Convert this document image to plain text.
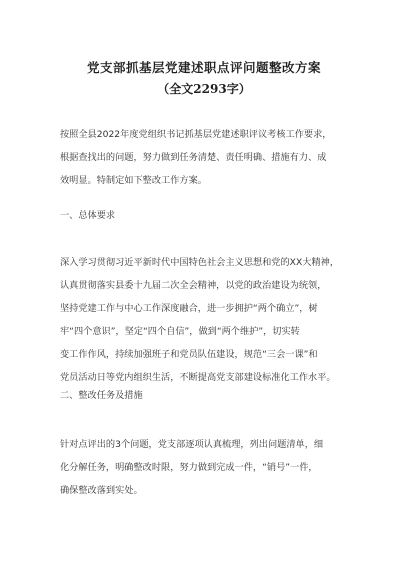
党支部抓基层党建述职点评问题整改方案
（全文2293字）
按照全县2022年度党组织书记抓基层党建述职评议考核工作要求，
根据查找出的问题，努力做到任务清楚、责任明确、措施有力、成
效明显。特制定如下整改工作方案。
一、总体要求
深入学习贯彻习近平新时代中国特色社会主义思想和党的XX大精神，
认真贯彻落实县委十九届二次全会精神，以党的政治建设为统领，
坚持党建工作与中心工作深度融合，进一步拥护“两个确立”，树
牢“四个意识”，坚定“四个自信”，做到“两个维护”，切实转
变工作作风，持续加强班子和党员队伍建设，规范“三会一课”和
党员活动日等党内组织生活，不断提高党支部建设标准化工作水平。
二、整改任务及措施
针对点评出的3个问题，党支部逐项认真梳理，列出问题清单，细
化分解任务，明确整改时限，努力做到完成一件，“销号”一件，
确保整改落到实处。
